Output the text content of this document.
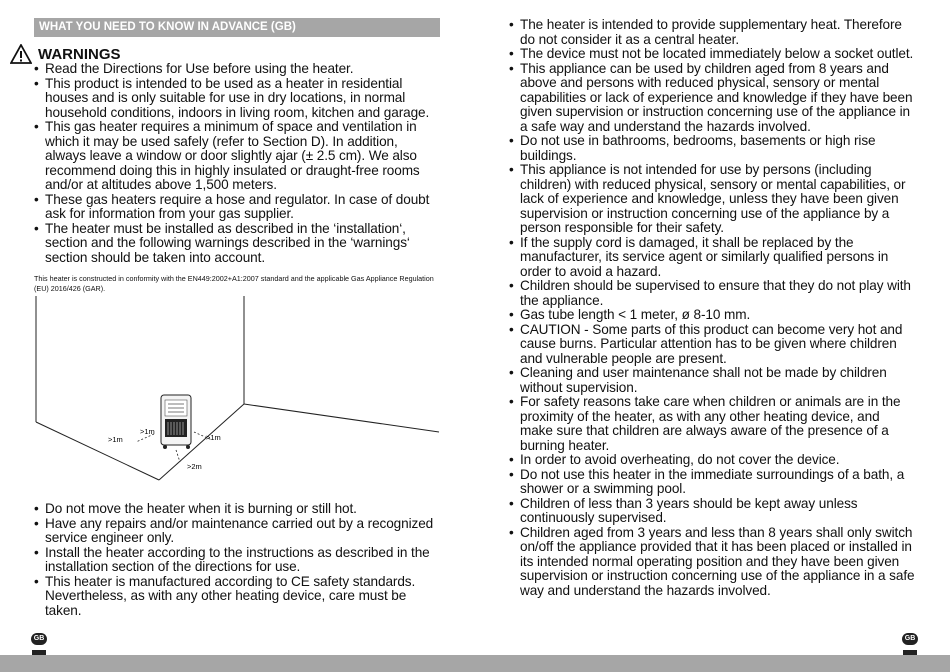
WHAT YOU NEED TO KNOW IN ADVANCE (GB)
WARNINGS
• Read the Directions for Use before using the heater.
• This product is intended to be used as a heater in residential houses and is only suitable for use in dry locations, in normal household conditions, indoors in living room, kitchen and garage.
• This gas heater requires a minimum of space and ventilation in which it may be used safely (refer to Section D). In addition, always leave a window or door slightly ajar (± 2.5 cm). We also recommend doing this in highly insulated or draught-free rooms and/or at altitudes above 1,500 meters.
• These gas heaters require a hose and regulator. In case of doubt ask for information from your gas supplier.
• The heater must be installed as described in the ‘installation‘, section and the following warnings described in the ‘warnings‘ section should be taken into account.
This heater is constructed in conformity with the EN449:2002+A1:2007 standard and the applicable Gas Appliance Regulation (EU) 2016/426 (GAR).
>1m
>1m	>1m
>2m
• Do not move the heater when it is burning or still hot.
• Have any repairs and/or maintenance carried out by a recognized service engineer only.
• Install the heater according to the instructions as described in the installation section of the directions for use.
• This heater is manufactured according to CE safety standards. Nevertheless, as with any other heating device, care must be taken.
GB
• The heater is intended to provide supplementary heat. Therefore do not consider it as a central heater.
• The device must not be located immediately below a socket outlet.
• This appliance can be used by children aged from 8 years and above and persons with reduced physical, sensory or mental capabilities or lack of experience and knowledge if they have been given supervision or instruction concerning use of the appliance in a safe way and understand the hazards involved.
• Do not use in bathrooms, bedrooms, basements or high rise buildings.
• This appliance is not intended for use by persons (including children) with reduced physical, sensory or mental capabilities, or lack of experience and knowledge, unless they have been given supervision or instruction concerning use of the appliance by a person responsible for their safety.
• If the supply cord is damaged, it shall be replaced by the manufacturer, its service agent or similarly qualified persons in order to avoid a hazard.
• Children should be supervised to ensure that they do not play with the appliance.
• Gas tube length < 1 meter, ø 8-10 mm.
• CAUTION - Some parts of this product can become very hot and cause burns. Particular attention has to be given where children and vulnerable people are present.
• Cleaning and user maintenance shall not be made by children without supervision.
• For safety reasons take care when children or animals are in the proximity of the heater, as with any other heating device, and make sure that children are always aware of the presence of a burning heater.
• In order to avoid overheating, do not cover the device.
• Do not use this heater in the immediate surroundings of a bath, a shower or a swimming pool.
• Children of less than 3 years should be kept away unless continuously supervised.
• Children aged from 3 years and less than 8 years shall only switch on/off the appliance provided that it has been placed or installed in its intended normal operating position and they have been given supervision or instruction concerning use of the appliance in a safe way and understand the hazards involved.
GB
